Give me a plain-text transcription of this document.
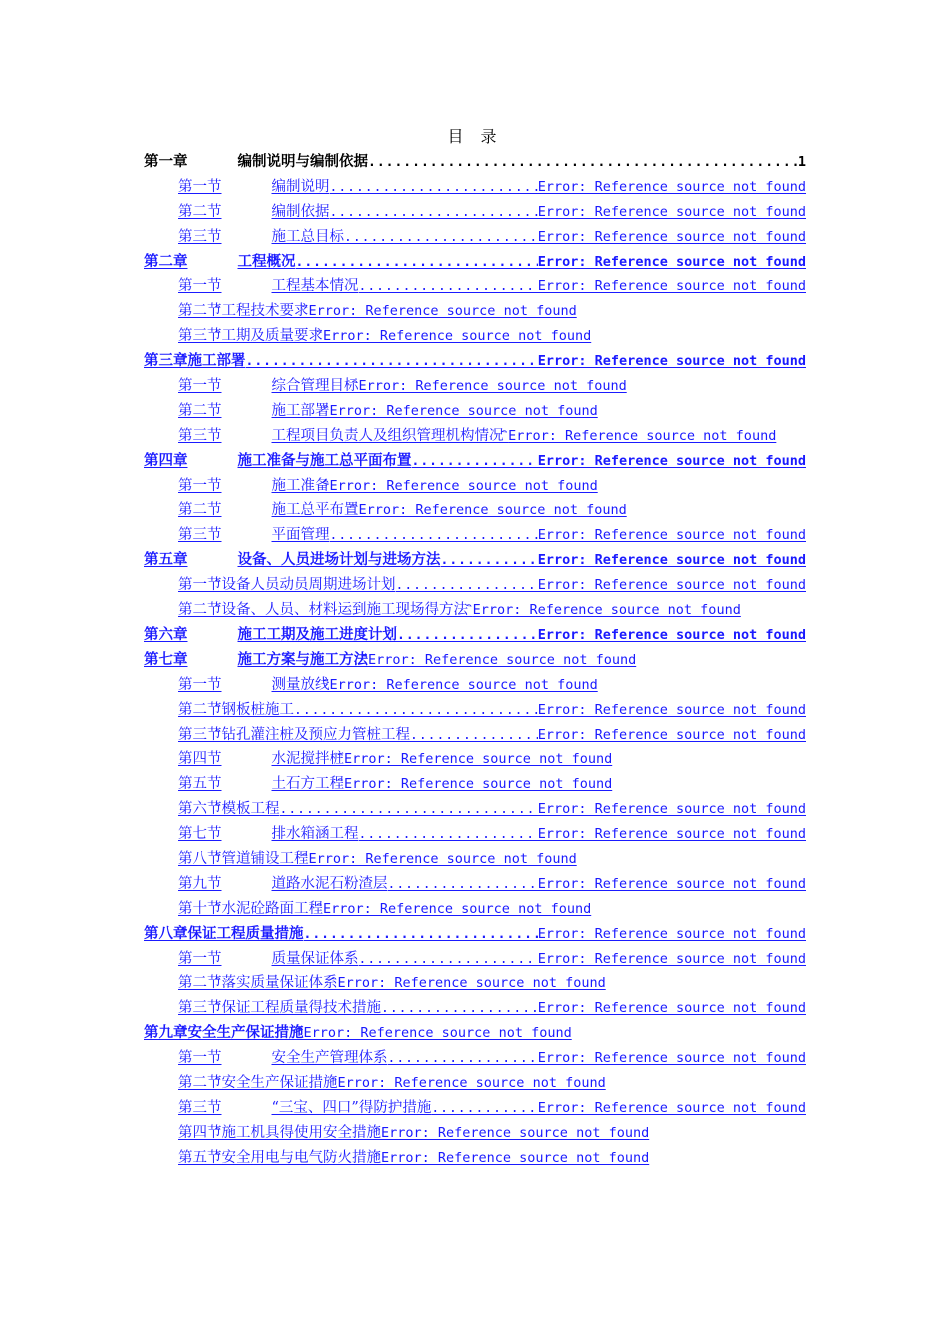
目 录
第一章	编制说明与编制依据 .....	1
第一节	编制说明 .....	Error: Reference source not found
第二节	编制依据 .....	Error: Reference source not found
第三节	施工总目标 .....	Error: Reference source not found
第二章	工程概况 .....	Error: Reference source not found
第一节	工程基本情况 .....	Error: Reference source not found
第二节 工程技术要求 Error: Reference source not found
第三节 工期及质量要求 Error: Reference source not found
第三章 施工部署 .....	Error: Reference source not found
第一节	综合管理目标 Error: Reference source not found
第二节	施工部署 Error: Reference source not found
第三节	工程项目负责人及组织管理机构情况 Error: Reference source not found
第四章	施工准备与施工总平面布置 .....	Error: Reference source not found
第一节	施工准备 Error: Reference source not found
第二节	施工总平布置 Error: Reference source not found
第三节	平面管理 .....	Error: Reference source not found
第五章	设备、人员进场计划与进场方法 .....	Error: Reference source not found
第一节 设备人员动员周期进场计划 .....	Error: Reference source not found
第二节设备、人员、材料运到施工现场得方法 Error: Reference source not found
第六章	施工工期及施工进度计划 .....	Error: Reference source not found
第七章	施工方案与施工方法 Error: Reference source not found
第一节	测量放线 Error: Reference source not found
第二节 钢板桩施工 .....	Error: Reference source not found
第三节 钻孔灌注桩及预应力管桩工程 .....	Error: Reference source not found
第四节	水泥搅拌桩 Error: Reference source not found
第五节	土石方工程 Error: Reference source not found
第六节 模板工程 .....	Error: Reference source not found
第七节	排水箱涵工程 .....	Error: Reference source not found
第八节 管道铺设工程 Error: Reference source not found
第九节	道路水泥石粉渣层 .....	Error: Reference source not found
第十节 水泥砼路面工程 Error: Reference source not found
第八章 保证工程质量措施 .....	Error: Reference source not found
第一节	质量保证体系 .....	Error: Reference source not found
第二节 落实质量保证体系 Error: Reference source not found
第三节 保证工程质量得技术措施 .....	Error: Reference source not found
第九章 安全生产保证措施 Error: Reference source not found
第一节	安全生产管理体系 .....	Error: Reference source not found
第二节 安全生产保证措施 Error: Reference source not found
第三节	“三宝、四口”得防护措施 .....	Error: Reference source not found
第四节 施工机具得使用安全措施 Error: Reference source not found
第五节 安全用电与电气防火措施 Error: Reference source not found
